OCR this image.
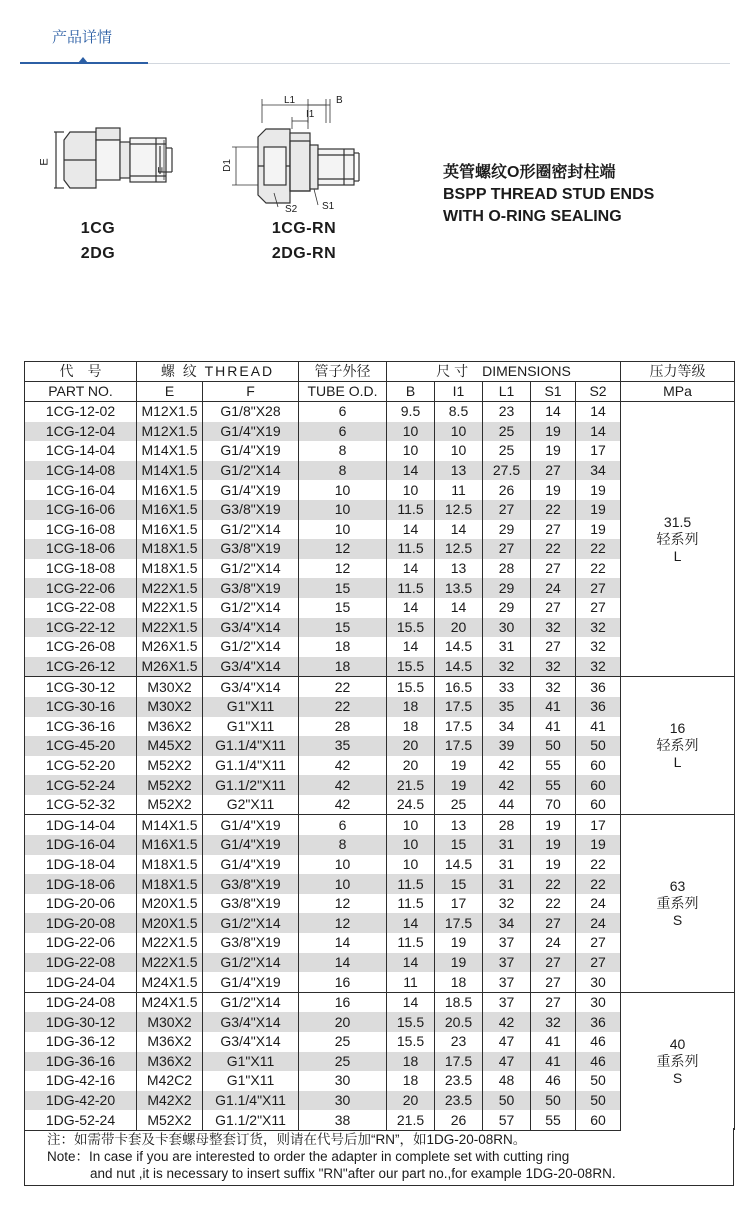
产品详情
E
F
1CG
2DG
L1	B
I1
D1
S2 S1
1CG-RN
2DG-RN
英管螺纹O形圈密封柱端
BSPP THREAD STUD ENDS
WITH O-RING SEALING
代　号	螺 纹 THREAD		管子外径	尺 寸　DIMENSIONS					压力等级
PART NO.	E	F	TUBE O.D.	B	I1	L1	S1	S2	MPa
1CG-12-02	M12X1.5	G1/8"X28	6	9.5	8.5	23	14	14	31.5
轻系列
L

1CG-12-04	M12X1.5	G1/4"X19	6	10	10	25	19	14	
1CG-14-04	M14X1.5	G1/4"X19	8	10	10	25	19	17	
1CG-14-08	M14X1.5	G1/2"X14	8	14	13	27.5	27	34	
1CG-16-04	M16X1.5	G1/4"X19	10	10	11	26	19	19	
1CG-16-06	M16X1.5	G3/8"X19	10	11.5	12.5	27	22	19	
1CG-16-08	M16X1.5	G1/2"X14	10	14	14	29	27	19	
1CG-18-06	M18X1.5	G3/8"X19	12	11.5	12.5	27	22	22	
1CG-18-08	M18X1.5	G1/2"X14	12	14	13	28	27	22	
1CG-22-06	M22X1.5	G3/8"X19	15	11.5	13.5	29	24	27	
1CG-22-08	M22X1.5	G1/2"X14	15	14	14	29	27	27	
1CG-22-12	M22X1.5	G3/4"X14	15	15.5	20	30	32	32	
1CG-26-08	M26X1.5	G1/2"X14	18	14	14.5	31	27	32	
1CG-26-12	M26X1.5	G3/4"X14	18	15.5	14.5	32	32	32	
1CG-30-12	M30X2	G3/4"X14	22	15.5	16.5	33	32	36	16
轻系列
L

1CG-30-16	M30X2	G1"X11	22	18	17.5	35	41	36	
1CG-36-16	M36X2	G1"X11	28	18	17.5	34	41	41	
1CG-45-20	M45X2	G1.1/4"X11	35	20	17.5	39	50	50	
1CG-52-20	M52X2	G1.1/4"X11	42	20	19	42	55	60	
1CG-52-24	M52X2	G1.1/2"X11	42	21.5	19	42	55	60	
1CG-52-32	M52X2	G2"X11	42	24.5	25	44	70	60	
1DG-14-04	M14X1.5	G1/4"X19	6	10	13	28	19	17	63
重系列
S

1DG-16-04	M16X1.5	G1/4"X19	8	10	15	31	19	19	
1DG-18-04	M18X1.5	G1/4"X19	10	10	14.5	31	19	22	
1DG-18-06	M18X1.5	G3/8"X19	10	11.5	15	31	22	22	
1DG-20-06	M20X1.5	G3/8"X19	12	11.5	17	32	22	24	
1DG-20-08	M20X1.5	G1/2"X14	12	14	17.5	34	27	24	
1DG-22-06	M22X1.5	G3/8"X19	14	11.5	19	37	24	27	
1DG-22-08	M22X1.5	G1/2"X14	14	14	19	37	27	27	
1DG-24-04	M24X1.5	G1/4"X19	16	11	18	37	27	30	
1DG-24-08	M24X1.5	G1/2"X14	16	14	18.5	37	27	30	40
重系列
S

1DG-30-12	M30X2	G3/4"X14	20	15.5	20.5	42	32	36	
1DG-36-12	M36X2	G3/4"X14	25	15.5	23	47	41	46	
1DG-36-16	M36X2	G1"X11	25	18	17.5	47	41	46	
1DG-42-16	M42C2	G1"X11	30	18	23.5	48	46	50	
1DG-42-20	M42X2	G1.1/4"X11	30	20	23.5	50	50	50	
1DG-52-24	M52X2	G1.1/2"X11	38	21.5	26	57	55	60	
注：如需带卡套及卡套螺母整套订货，则请在代号后加“RN”，如1DG-20-08RN。
Note：In case if you are interested to order the adapter in complete set with cutting ring
and nut ,it is necessary to insert suffix "RN"after our part no.,for example 1DG-20-08RN.
